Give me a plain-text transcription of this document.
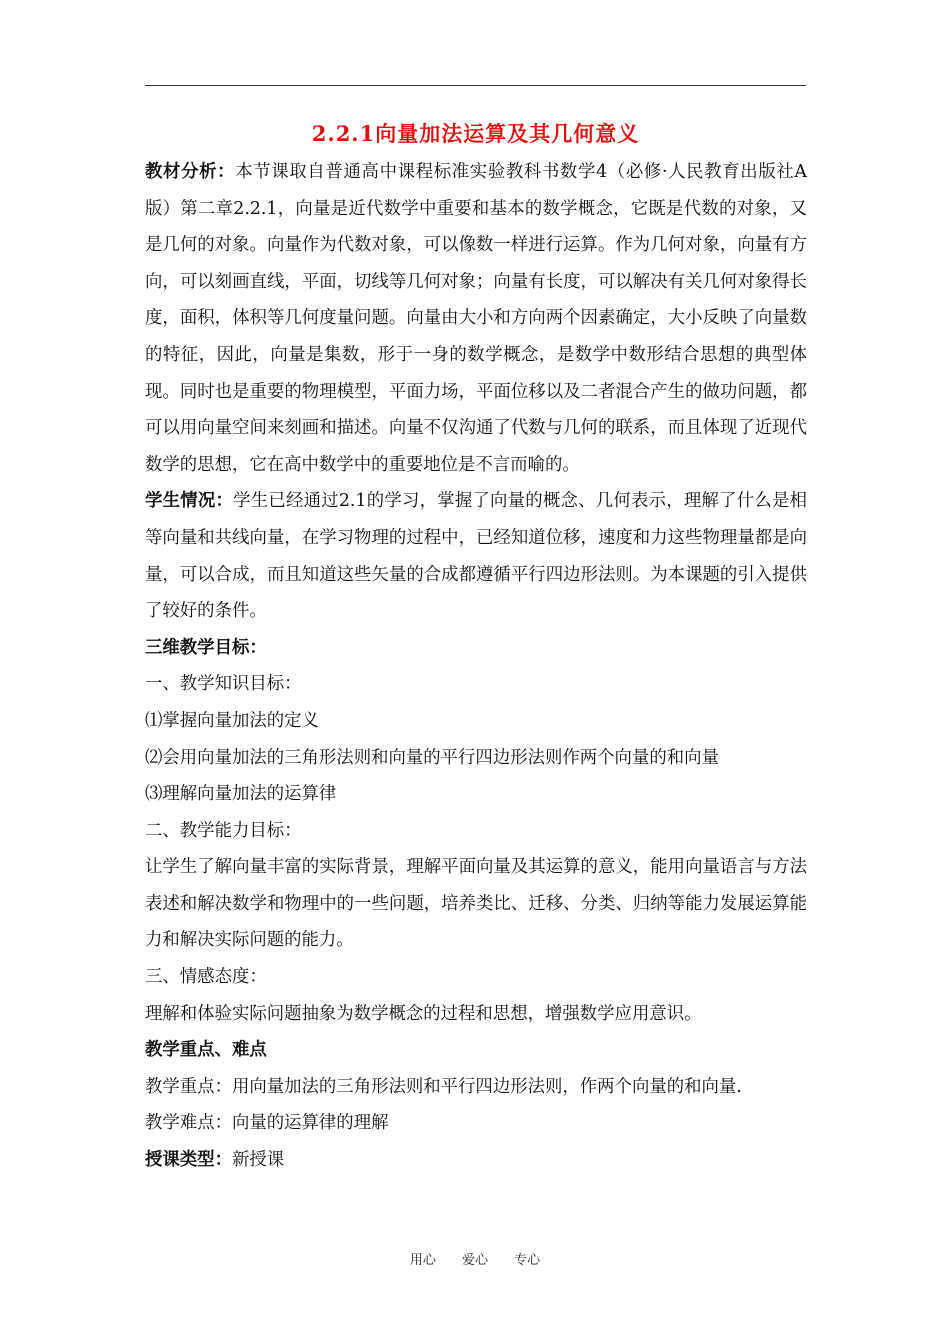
2.2.1向量加法运算及其几何意义

教材分析：本节课取自普通高中课程标准实验教科书数学4（必修·人民教育出版社A版）第二章2.2.1，向量是近代数学中重要和基本的数学概念，它既是代数的对象，又是几何的对象。向量作为代数对象，可以像数一样进行运算。作为几何对象，向量有方向，可以刻画直线，平面，切线等几何对象；向量有长度，可以解决有关几何对象得长度，面积，体积等几何度量问题。向量由大小和方向两个因素确定，大小反映了向量数的特征，因此，向量是集数，形于一身的数学概念，是数学中数形结合思想的典型体现。同时也是重要的物理模型，平面力场，平面位移以及二者混合产生的做功问题，都可以用向量空间来刻画和描述。向量不仅沟通了代数与几何的联系，而且体现了近现代数学的思想，它在高中数学中的重要地位是不言而喻的。

学生情况：学生已经通过2.1的学习，掌握了向量的概念、几何表示，理解了什么是相等向量和共线向量，在学习物理的过程中，已经知道位移，速度和力这些物理量都是向量，可以合成，而且知道这些矢量的合成都遵循平行四边形法则。为本课题的引入提供了较好的条件。

三维教学目标：

一、教学知识目标：

⑴掌握向量加法的定义

⑵会用向量加法的三角形法则和向量的平行四边形法则作两个向量的和向量

⑶理解向量加法的运算律

二、教学能力目标：

让学生了解向量丰富的实际背景，理解平面向量及其运算的意义，能用向量语言与方法表述和解决数学和物理中的一些问题，培养类比、迁移、分类、归纳等能力发展运算能力和解决实际问题的能力。

三、情感态度：

理解和体验实际问题抽象为数学概念的过程和思想，增强数学应用意识。

教学重点、难点

教学重点：用向量加法的三角形法则和平行四边形法则，作两个向量的和向量.

教学难点：向量的运算律的理解

授课类型：新授课

用心 爱心 专心
